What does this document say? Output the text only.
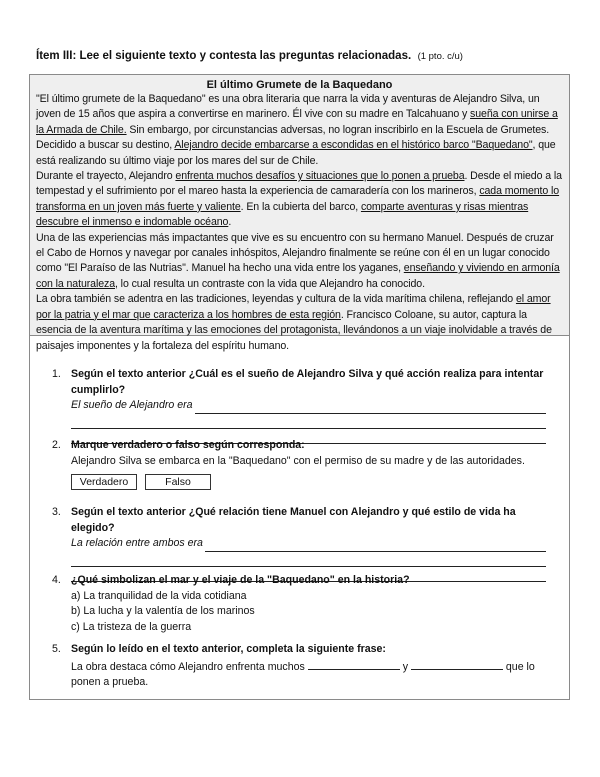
Ítem III: Lee el siguiente texto y contesta las preguntas relacionadas. (1 pto. c/u)
El último Grumete de la Baquedano

"El último grumete de la Baquedano" es una obra literaria que narra la vida y aventuras de Alejandro Silva, un joven de 15 años que aspira a convertirse en marinero. Él vive con su madre en Talcahuano y sueña con unirse a la Armada de Chile. Sin embargo, por circunstancias adversas, no logran inscribirlo en la Escuela de Grumetes. Decidido a buscar su destino, Alejandro decide embarcarse a escondidas en el histórico barco "Baquedano", que está realizando su último viaje por los mares del sur de Chile.

Durante el trayecto, Alejandro enfrenta muchos desafíos y situaciones que lo ponen a prueba. Desde el miedo a la tempestad y el sufrimiento por el mareo hasta la experiencia de camaradería con los marineros, cada momento lo transforma en un joven más fuerte y valiente. En la cubierta del barco, comparte aventuras y risas mientras descubre el inmenso e indomable océano.

Una de las experiencias más impactantes que vive es su encuentro con su hermano Manuel. Después de cruzar el Cabo de Hornos y navegar por canales inhóspitos, Alejandro finalmente se reúne con él en un lugar conocido como "El Paraíso de las Nutrias". Manuel ha hecho una vida entre los yaganes, enseñando y viviendo en armonía con la naturaleza, lo cual resulta un contraste con la vida que Alejandro ha conocido.

La obra también se adentra en las tradiciones, leyendas y cultura de la vida marítima chilena, reflejando el amor por la patria y el mar que caracteriza a los hombres de esta región. Francisco Coloane, su autor, captura la esencia de la aventura marítima y las emociones del protagonista, llevándonos a un viaje inolvidable a través de paisajes imponentes y la fortaleza del espíritu humano.

1. Según el texto anterior ¿Cuál es el sueño de Alejandro Silva y qué acción realiza para intentar cumplirlo?
El sueño de Alejandro era
2. Marque verdadero o falso según corresponda:
Alejandro Silva se embarca en la "Baquedano" con el permiso de su madre y de las autoridades.
Verdadero	Falso
3. Según el texto anterior ¿Qué relación tiene Manuel con Alejandro y qué estilo de vida ha elegido?
La relación entre ambos era
4. ¿Qué simbolizan el mar y el viaje de la "Baquedano" en la historia?
a) La tranquilidad de la vida cotidiana
b) La lucha y la valentía de los marinos
c) La tristeza de la guerra
5. Según lo leído en el texto anterior, completa la siguiente frase:
La obra destaca cómo Alejandro enfrenta muchos	y	que lo ponen a prueba.
